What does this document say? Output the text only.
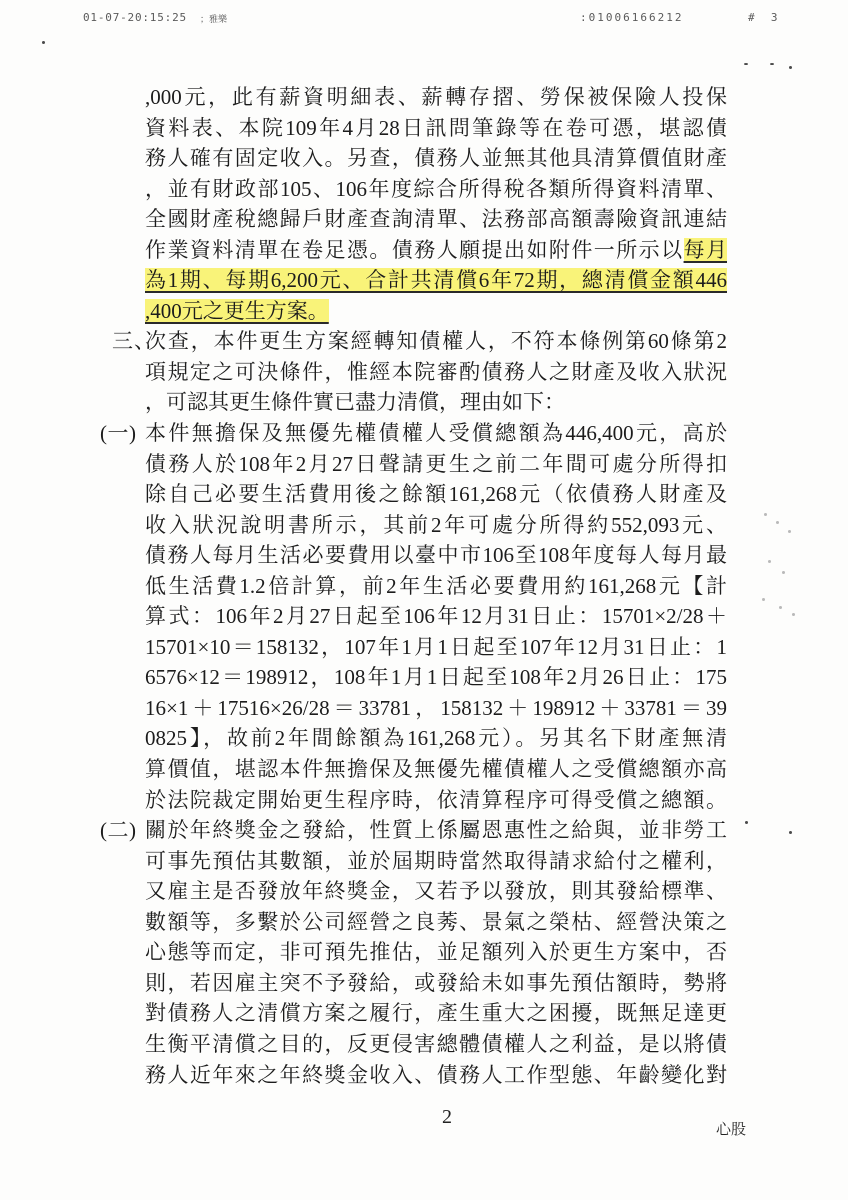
01-07-20:15:25 ；雅樂	:01006166212	#  3
,000元，此有薪資明細表、薪轉存摺、勞保被保險人投保
資料表、本院109年4月28日訊問筆錄等在卷可憑，堪認債
務人確有固定收入。另查，債務人並無其他具清算價值財產
，並有財政部105、106年度綜合所得稅各類所得資料清單、
全國財產稅總歸戶財產查詢清單、法務部高額壽險資訊連結
作業資料清單在卷足憑。債務人願提出如附件一所示以每月
為1期、每期6,200元、合計共清償6年72期，總清償金額446
,400元之更生方案。
三、
次查，本件更生方案經轉知債權人，不符本條例第60條第2
項規定之可決條件，惟經本院審酌債務人之財產及收入狀況
，可認其更生條件實已盡力清償，理由如下：
(一) 本件無擔保及無優先權債權人受償總額為446,400元，高於
債務人於108年2月27日聲請更生之前二年間可處分所得扣
除自己必要生活費用後之餘額161,268元（依債務人財產及
收入狀況說明書所示，其前2年可處分所得約552,093元、
債務人每月生活必要費用以臺中市106至108年度每人每月最
低生活費1.2倍計算，前2年生活必要費用約161,268元【計
算式：106年2月27日起至106年12月31日止：15701×2/28＋
15701×10＝158132，107年1月1日起至107年12月31日止：1
6576×12＝198912，108年1月1日起至108年2月26日止：175
16×1＋17516×26/28＝33781，158132＋198912＋33781＝39
0825】，故前2年間餘額為161,268元）。另其名下財產無清
算價值，堪認本件無擔保及無優先權債權人之受償總額亦高
於法院裁定開始更生程序時，依清算程序可得受償之總額。
(二) 關於年終獎金之發給，性質上係屬恩惠性之給與，並非勞工
可事先預估其數額，並於屆期時當然取得請求給付之權利，
又雇主是否發放年終獎金，又若予以發放，則其發給標準、
數額等，多繫於公司經營之良莠、景氣之榮枯、經營決策之
心態等而定，非可預先推估，並足額列入於更生方案中，否
則，若因雇主突不予發給，或發給未如事先預估額時，勢將
對債務人之清償方案之履行，產生重大之困擾，既無足達更
生衡平清償之目的，反更侵害總體債權人之利益，是以將債
務人近年來之年終獎金收入、債務人工作型態、年齡變化對
2
心股
